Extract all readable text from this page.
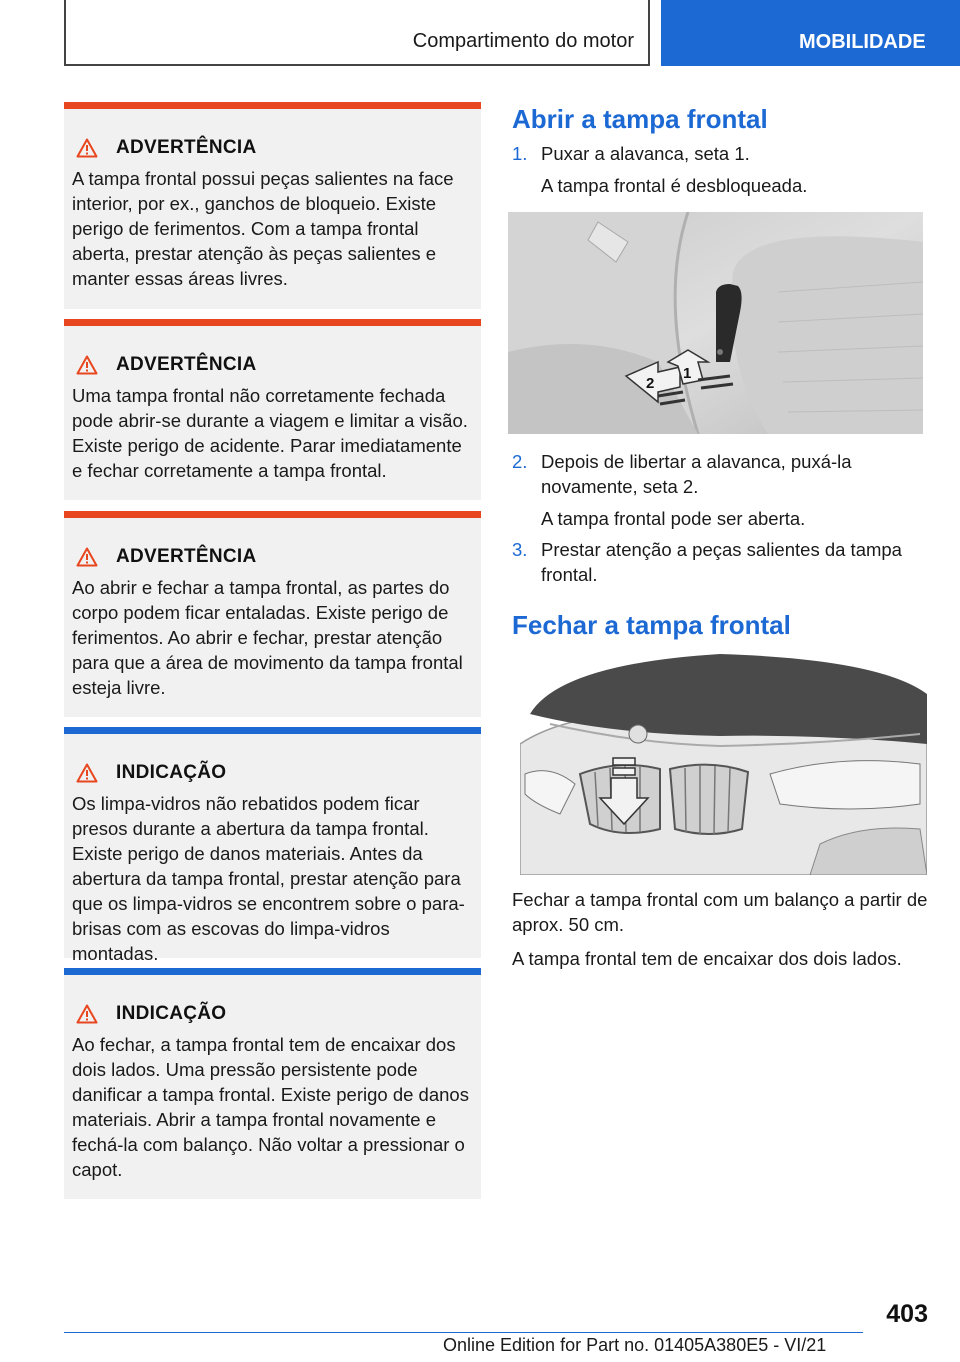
Compartimento do motor	MOBILIDADE
ADVERTÊNCIA

A tampa frontal possui peças salientes na face interior, por ex., ganchos de bloqueio. Existe perigo de ferimentos. Com a tampa frontal aberta, prestar atenção às peças salientes e manter essas áreas livres.

ADVERTÊNCIA

Uma tampa frontal não corretamente fechada pode abrir-se durante a viagem e limitar a visão. Existe perigo de acidente. Parar imediatamente e fechar corretamente a tampa frontal.

ADVERTÊNCIA

Ao abrir e fechar a tampa frontal, as partes do corpo podem ficar entaladas. Existe perigo de ferimentos. Ao abrir e fechar, prestar atenção para que a área de movimento da tampa frontal esteja livre.

INDICAÇÃO

Os limpa-vidros não rebatidos podem ficar presos durante a abertura da tampa frontal. Existe perigo de danos materiais. Antes da abertura da tampa frontal, prestar atenção para que os limpa-vidros se encontrem sobre o para-brisas com as escovas do limpa-vidros montadas.

INDICAÇÃO

Ao fechar, a tampa frontal tem de encaixar dos dois lados. Uma pressão persistente pode danificar a tampa frontal. Existe perigo de danos materiais. Abrir a tampa frontal novamente e fechá-la com balanço. Não voltar a pressionar o capot.

Abrir a tampa frontal
1. Puxar a alavanca, seta 1.
A tampa frontal é desbloqueada.
2
1
2. Depois de libertar a alavanca, puxá-la novamente, seta 2.
A tampa frontal pode ser aberta.
3. Prestar atenção a peças salientes da tampa frontal.
Fechar a tampa frontal
Fechar a tampa frontal com um balanço a partir de aprox. 50 cm.
A tampa frontal tem de encaixar dos dois lados.
403
Online Edition for Part no. 01405A380E5 - VI/21
